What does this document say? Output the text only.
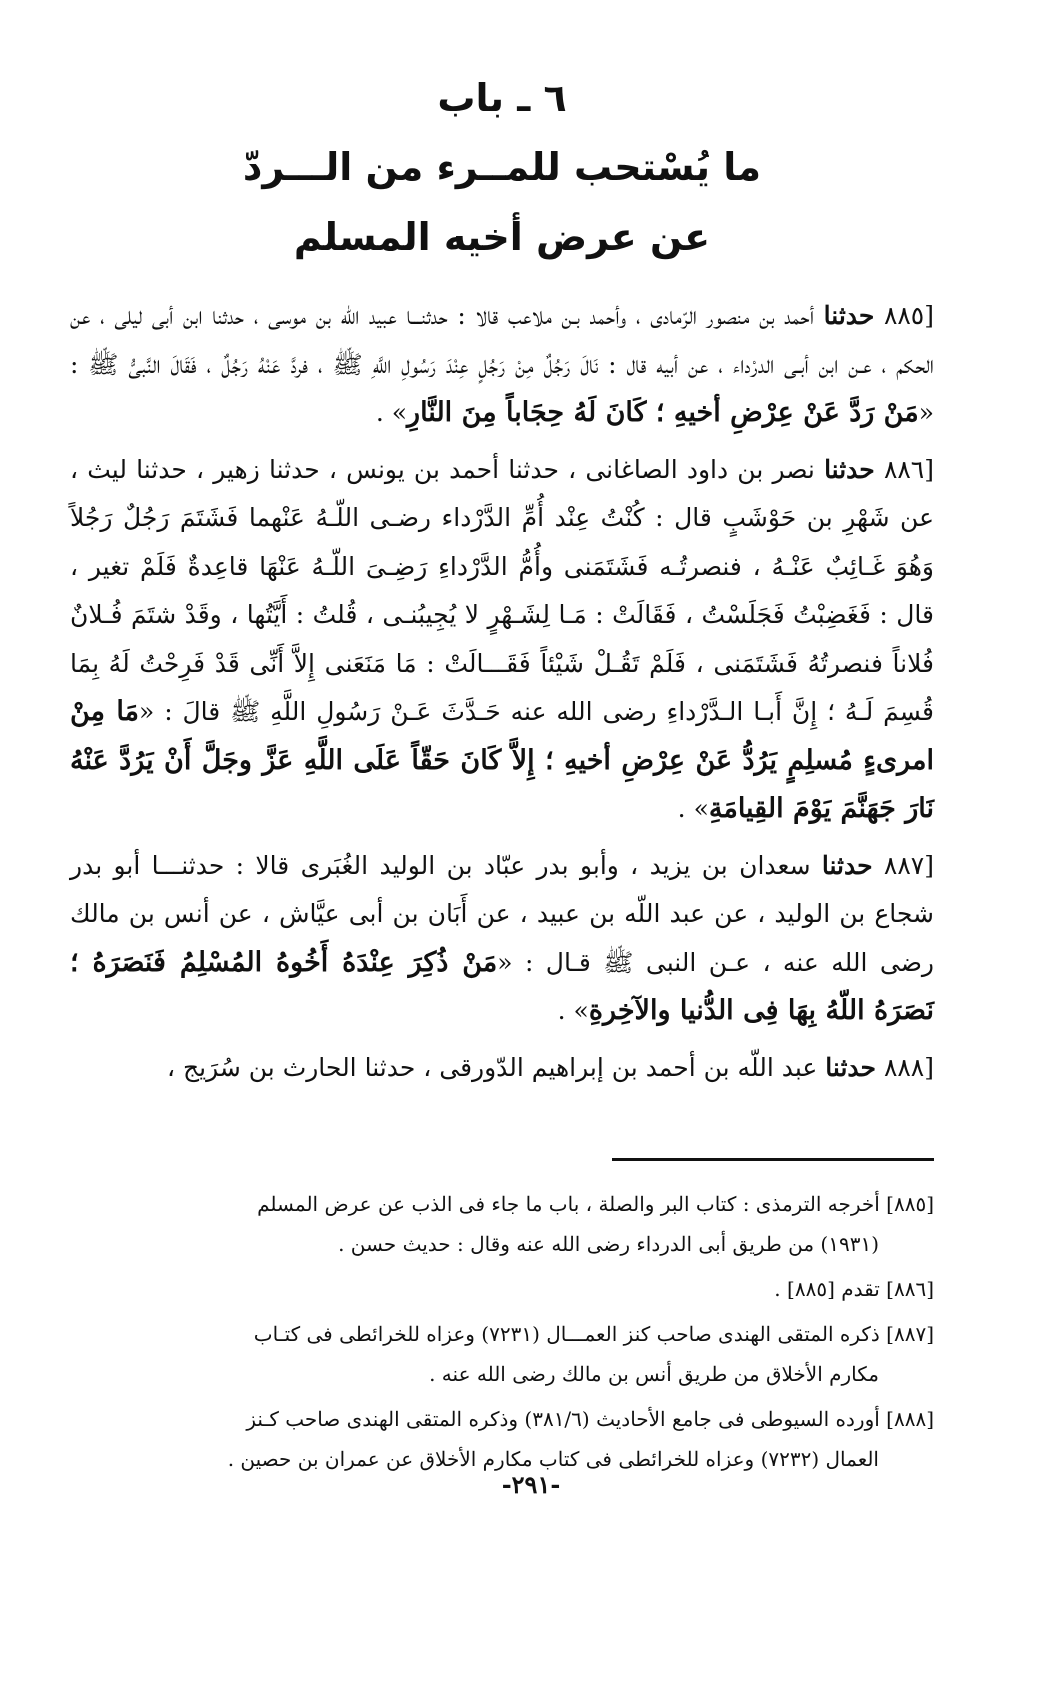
٦ ـ باب
ما يُسْتحب للمــرء من الـــردّ
عن عرض أخيه المسلم

[٨٨٥ حدثنا أحمد بن منصور الرّمادى ، وأحمد بـن ملاعب قالا : حدثنـــا عبيد اللّه بن موسى ، حدثنا ابن أبى ليلى ، عن الحكم ، عـن ابن أبـى الدرْداء ، عن أبيه قال : نَالَ رَجُلٌ مِنْ رَجُلٍ عِنْدَ رَسُولِ اللَّهِ ﷺ ، فردَّ عَنْهُ رَجُلٌ ، فَقَالَ النَّبىُّ ﷺ : «مَنْ رَدَّ عَنْ عِرْضِ أخيهِ ؛ كَانَ لَهُ حِجَاباً مِنَ النَّارِ» .

[٨٨٦ حدثنا نصر بن داود الصاغانى ، حدثنا أحمد بن يونس ، حدثنا زهير ، حدثنا ليث ، عن شَهْرِ بن حَوْشَبٍ قال : كُنْتُ عِنْد أُمِّ الدَّرْداء رضـى اللّـهُ عَنْهما فَشَتَمَ رَجُلٌ رَجُلاً وَهُوَ غَـائِبٌ عَنْـهُ ، فنصرتُـه فَشَتَمَنى وأُمُّ الدَّرْداءِ رَضِـىَ اللّـهُ عَنْهَا قاعِدةٌ فَلَمْ تغير ، قال : فَغَضِبْتُ فَجَلَسْتُ ، فَقَالَتْ : مَـا لِشَـهْرٍ لا يُجِيبُنـى ، قُلتُ : أَيَّتُها ، وقَدْ شتَمَ فُـلانٌ فُلاناً فنصرتُهُ فَشَتَمَنى ، فَلَمْ تَقُـلْ شَيْئاً فَقَـــالَتْ : مَا مَنَعَنى إِلاَّ أَنِّى قَدْ فَرِحْتُ لَهُ بِمَا قُسِمَ لَـهُ ؛ إِنَّ أَبـا الـدَّرْداءِ رضى الله عنه حَـدَّثَ عَـنْ رَسُولِ اللَّهِ ﷺ قالَ : «مَا مِنْ امرىءٍ مُسلِمٍ يَرُدُّ عَنْ عِرْضِ أخيهِ ؛ إِلاَّ كَانَ حَقّاً عَلَى اللَّهِ عَزَّ وجَلَّ أَنْ يَرُدَّ عَنْهُ نَارَ جَهَنَّمَ يَوْمَ القِيامَةِ» .

[٨٨٧ حدثنا سعدان بن يزيد ، وأبو بدر عبّاد بن الوليد الغُبَرى قالا : حدثنـــا أبو بدر شجاع بن الوليد ، عن عبد اللّه بن عبيد ، عن أَبَان بن أبى عيَّاش ، عن أنس بن مالك رضى الله عنه ، عـن النبى ﷺ قـال : «مَنْ ذُكِرَ عِنْدَهُ أَخُوهُ المُسْلِمُ فَنَصَرَهُ ؛ نَصَرَهُ اللّهُ بِهَا فِى الدُّنيا والآخِرةِ» .

[٨٨٨ حدثنا عبد اللّه بن أحمد بن إبراهيم الدّورقى ، حدثنا الحارث بن سُرَيج ،

[٨٨٥] أخرجه الترمذى : كتاب البر والصلة ، باب ما جاء فى الذب عن عرض المسلم
(١٩٣١) من طريق أبى الدرداء رضى الله عنه وقال : حديث حسن .
[٨٨٦] تقدم [٨٨٥] .
[٨٨٧] ذكره المتقى الهندى صاحب كنز العمـــال (٧٢٣١) وعزاه للخرائطى فى كتـاب
مكارم الأخلاق من طريق أنس بن مالك رضى الله عنه .
[٨٨٨] أورده السيوطى فى جامع الأحاديث (٣٨١/٦) وذكره المتقى الهندى صاحب كـنز
العمال (٧٢٣٢) وعزاه للخرائطى فى كتاب مكارم الأخلاق عن عمران بن حصين .
-٢٩١-
